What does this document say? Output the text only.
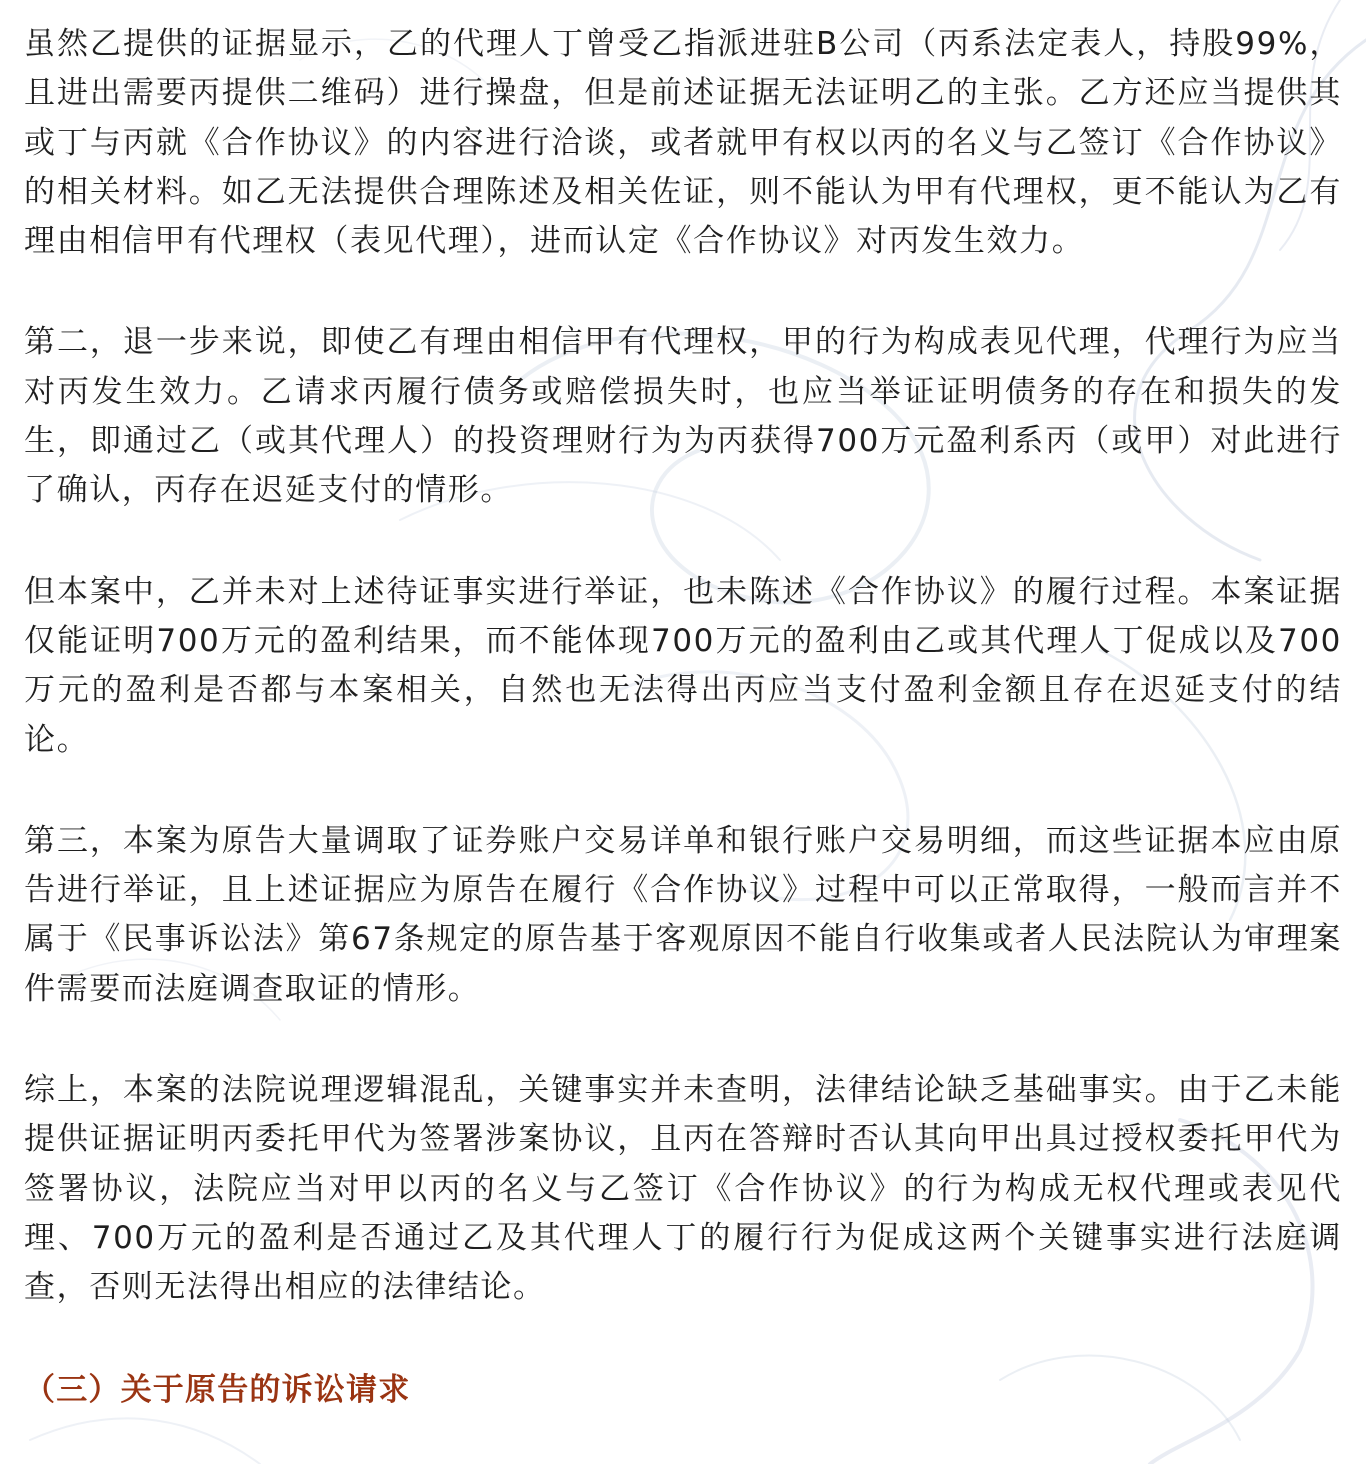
虽然乙提供的证据显示，乙的代理人丁曾受乙指派进驻B公司（丙系法定表人，持股99%，且进出需要丙提供二维码）进行操盘，但是前述证据无法证明乙的主张。乙方还应当提供其或丁与丙就《合作协议》的内容进行洽谈，或者就甲有权以丙的名义与乙签订《合作协议》的相关材料。如乙无法提供合理陈述及相关佐证，则不能认为甲有代理权，更不能认为乙有理由相信甲有代理权（表见代理），进而认定《合作协议》对丙发生效力。

第二，退一步来说，即使乙有理由相信甲有代理权，甲的行为构成表见代理，代理行为应当对丙发生效力。乙请求丙履行债务或赔偿损失时，也应当举证证明债务的存在和损失的发生，即通过乙（或其代理人）的投资理财行为为丙获得700万元盈利系丙（或甲）对此进行了确认，丙存在迟延支付的情形。

但本案中，乙并未对上述待证事实进行举证，也未陈述《合作协议》的履行过程。本案证据仅能证明700万元的盈利结果，而不能体现700万元的盈利由乙或其代理人丁促成以及700万元的盈利是否都与本案相关，自然也无法得出丙应当支付盈利金额且存在迟延支付的结论。

第三，本案为原告大量调取了证券账户交易详单和银行账户交易明细，而这些证据本应由原告进行举证，且上述证据应为原告在履行《合作协议》过程中可以正常取得，一般而言并不属于《民事诉讼法》第67条规定的原告基于客观原因不能自行收集或者人民法院认为审理案件需要而法庭调查取证的情形。

综上，本案的法院说理逻辑混乱，关键事实并未查明，法律结论缺乏基础事实。由于乙未能提供证据证明丙委托甲代为签署涉案协议，且丙在答辩时否认其向甲出具过授权委托甲代为签署协议，法院应当对甲以丙的名义与乙签订《合作协议》的行为构成无权代理或表见代理、700万元的盈利是否通过乙及其代理人丁的履行行为促成这两个关键事实进行法庭调查，否则无法得出相应的法律结论。

（三）关于原告的诉讼请求
